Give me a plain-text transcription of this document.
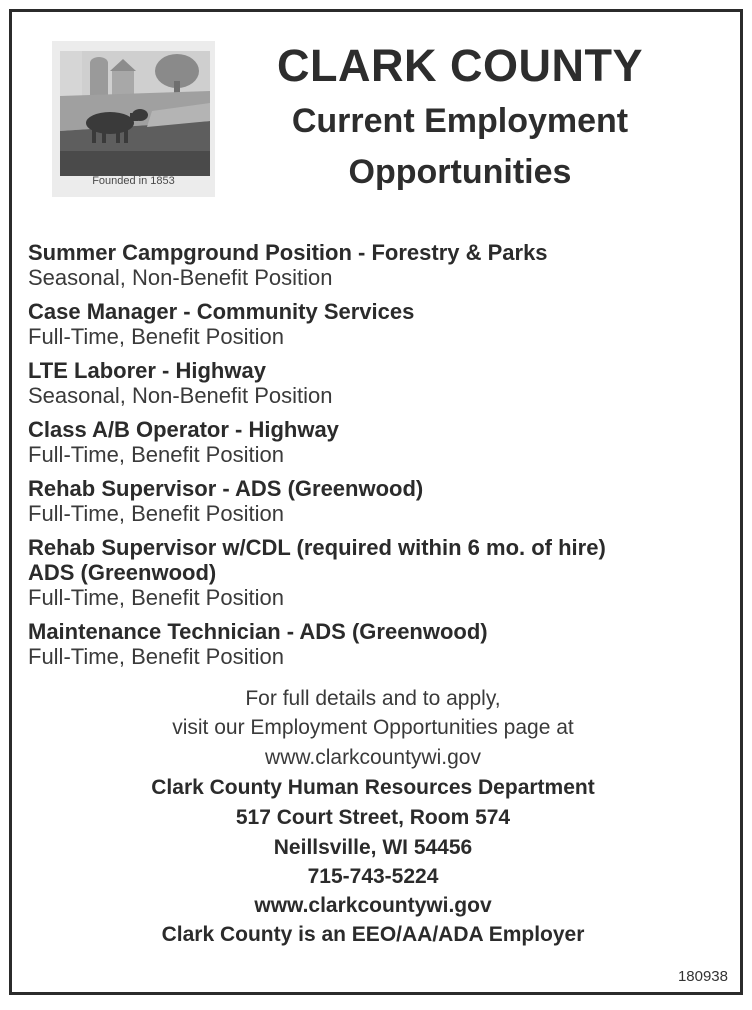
Founded in 1853
CLARK COUNTY
Current Employment
Opportunities
Summer Campground Position - Forestry & Parks
Seasonal, Non-Benefit Position
Case Manager - Community Services
Full-Time, Benefit Position
LTE Laborer - Highway
Seasonal, Non-Benefit Position
Class A/B Operator - Highway
Full-Time, Benefit Position
Rehab Supervisor - ADS (Greenwood)
Full-Time, Benefit Position
Rehab Supervisor w/CDL (required within 6 mo. of hire)
ADS (Greenwood)
Full-Time, Benefit Position
Maintenance Technician - ADS (Greenwood)
Full-Time, Benefit Position
For full details and to apply,
visit our Employment Opportunities page at
www.clarkcountywi.gov
Clark County Human Resources Department
517 Court Street, Room 574
Neillsville, WI 54456
715-743-5224
www.clarkcountywi.gov
Clark County is an EEO/AA/ADA Employer
180938
